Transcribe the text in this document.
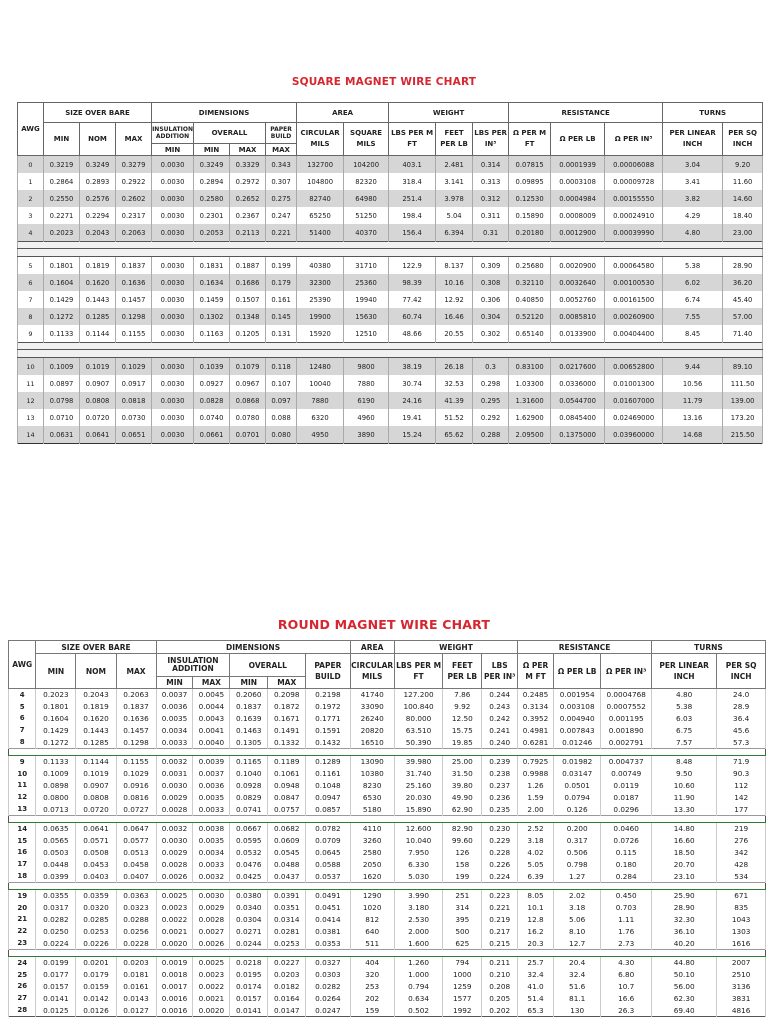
SQUARE MAGNET WIRE CHART
AWG	SIZE OVER BARE			DIMENSIONS				AREA		WEIGHT			RESISTANCE			TURNS	
	MIN	NOM	MAX	INSULATION ADDITION	OVERALL		PAPER BUILD	CIRCULAR MILS	SQUARE MILS	LBS PER M FT	FEET PER LB	LBS PER IN³	Ω PER M FT	Ω PER LB	Ω PER IN³	PER LINEAR INCH	PER SQ INCH
				MIN	MIN	MAX	MAX										
0	0.3219	0.3249	0.3279	0.0030	0.3249	0.3329	0.343	132700	104200	403.1	2.481	0.314	0.07815	0.0001939	0.00006088	3.04	9.20
1	0.2864	0.2893	0.2922	0.0030	0.2894	0.2972	0.307	104800	82320	318.4	3.141	0.313	0.09895	0.0003108	0.00009728	3.41	11.60
2	0.2550	0.2576	0.2602	0.0030	0.2580	0.2652	0.275	82740	64980	251.4	3.978	0.312	0.12530	0.0004984	0.00155550	3.82	14.60
3	0.2271	0.2294	0.2317	0.0030	0.2301	0.2367	0.247	65250	51250	198.4	5.04	0.311	0.15890	0.0008009	0.00024910	4.29	18.40
4	0.2023	0.2043	0.2063	0.0030	0.2053	0.2113	0.221	51400	40370	156.4	6.394	0.31	0.20180	0.0012900	0.00039990	4.80	23.00

5	0.1801	0.1819	0.1837	0.0030	0.1831	0.1887	0.199	40380	31710	122.9	8.137	0.309	0.25680	0.0020900	0.00064580	5.38	28.90
6	0.1604	0.1620	0.1636	0.0030	0.1634	0.1686	0.179	32300	25360	98.39	10.16	0.308	0.32110	0.0032640	0.00100530	6.02	36.20
7	0.1429	0.1443	0.1457	0.0030	0.1459	0.1507	0.161	25390	19940	77.42	12.92	0.306	0.40850	0.0052760	0.00161500	6.74	45.40
8	0.1272	0.1285	0.1298	0.0030	0.1302	0.1348	0.145	19900	15630	60.74	16.46	0.304	0.52120	0.0085810	0.00260900	7.55	57.00
9	0.1133	0.1144	0.1155	0.0030	0.1163	0.1205	0.131	15920	12510	48.66	20.55	0.302	0.65140	0.0133900	0.00404400	8.45	71.40

10	0.1009	0.1019	0.1029	0.0030	0.1039	0.1079	0.118	12480	9800	38.19	26.18	0.3	0.83100	0.0217600	0.00652800	9.44	89.10
11	0.0897	0.0907	0.0917	0.0030	0.0927	0.0967	0.107	10040	7880	30.74	32.53	0.298	1.03300	0.0336000	0.01001300	10.56	111.50
12	0.0798	0.0808	0.0818	0.0030	0.0828	0.0868	0.097	7880	6190	24.16	41.39	0.295	1.31600	0.0544700	0.01607000	11.79	139.00
13	0.0710	0.0720	0.0730	0.0030	0.0740	0.0780	0.088	6320	4960	19.41	51.52	0.292	1.62900	0.0845400	0.02469000	13.16	173.20
14	0.0631	0.0641	0.0651	0.0030	0.0661	0.0701	0.080	4950	3890	15.24	65.62	0.288	2.09500	0.1375000	0.03960000	14.68	215.50
ROUND MAGNET WIRE CHART
AWG	SIZE OVER BARE			DIMENSIONS					AREA	WEIGHT			RESISTANCE			TURNS	
	MIN	NOM	MAX	INSULATION ADDITION		OVERALL		PAPER BUILD	CIRCULAR MILS	LBS PER M FT	FEET PER LB	LBS PER IN³	Ω PER M FT	Ω PER LB	Ω PER IN³	PER LINEAR INCH	PER SQ INCH
				MIN	MAX	MIN	MAX										
4	0.2023	0.2043	0.2063	0.0037	0.0045	0.2060	0.2098	0.2198	41740	127.200	7.86	0.244	0.2485	0.001954	0.0004768	4.80	24.0
5	0.1801	0.1819	0.1837	0.0036	0.0044	0.1837	0.1872	0.1972	33090	100.840	9.92	0.243	0.3134	0.003108	0.0007552	5.38	28.9
6	0.1604	0.1620	0.1636	0.0035	0.0043	0.1639	0.1671	0.1771	26240	80.000	12.50	0.242	0.3952	0.004940	0.001195	6.03	36.4
7	0.1429	0.1443	0.1457	0.0034	0.0041	0.1463	0.1491	0.1591	20820	63.510	15.75	0.241	0.4981	0.007843	0.001890	6.75	45.6
8	0.1272	0.1285	0.1298	0.0033	0.0040	0.1305	0.1332	0.1432	16510	50.390	19.85	0.240	0.6281	0.01246	0.002791	7.57	57.3

9	0.1133	0.1144	0.1155	0.0032	0.0039	0.1165	0.1189	0.1289	13090	39.980	25.00	0.239	0.7925	0.01982	0.004737	8.48	71.9
10	0.1009	0.1019	0.1029	0.0031	0.0037	0.1040	0.1061	0.1161	10380	31.740	31.50	0.238	0.9988	0.03147	0.00749	9.50	90.3
11	0.0898	0.0907	0.0916	0.0030	0.0036	0.0928	0.0948	0.1048	8230	25.160	39.80	0.237	1.26	0.0501	0.0119	10.60	112
12	0.0800	0.0808	0.0816	0.0029	0.0035	0.0829	0.0847	0.0947	6530	20.030	49.90	0.236	1.59	0.0794	0.0187	11.90	142
13	0.0713	0.0720	0.0727	0.0028	0.0033	0.0741	0.0757	0.0857	5180	15.890	62.90	0.235	2.00	0.126	0.0296	13.30	177

14	0.0635	0.0641	0.0647	0.0032	0.0038	0.0667	0.0682	0.0782	4110	12.600	82.90	0.230	2.52	0.200	0.0460	14.80	219
15	0.0565	0.0571	0.0577	0.0030	0.0035	0.0595	0.0609	0.0709	3260	10.040	99.60	0.229	3.18	0.317	0.0726	16.60	276
16	0.0503	0.0508	0.0513	0.0029	0.0034	0.0532	0.0545	0.0645	2580	7.950	126	0.228	4.02	0.506	0.115	18.50	342
17	0.0448	0.0453	0.0458	0.0028	0.0033	0.0476	0.0488	0.0588	2050	6.330	158	0.226	5.05	0.798	0.180	20.70	428
18	0.0399	0.0403	0.0407	0.0026	0.0032	0.0425	0.0437	0.0537	1620	5.030	199	0.224	6.39	1.27	0.284	23.10	534

19	0.0355	0.0359	0.0363	0.0025	0.0030	0.0380	0.0391	0.0491	1290	3.990	251	0.223	8.05	2.02	0.450	25.90	671
20	0.0317	0.0320	0.0323	0.0023	0.0029	0.0340	0.0351	0.0451	1020	3.180	314	0.221	10.1	3.18	0.703	28.90	835
21	0.0282	0.0285	0.0288	0.0022	0.0028	0.0304	0.0314	0.0414	812	2.530	395	0.219	12.8	5.06	1.11	32.30	1043
22	0.0250	0.0253	0.0256	0.0021	0.0027	0.0271	0.0281	0.0381	640	2.000	500	0.217	16.2	8.10	1.76	36.10	1303
23	0.0224	0.0226	0.0228	0.0020	0.0026	0.0244	0.0253	0.0353	511	1.600	625	0.215	20.3	12.7	2.73	40.20	1616

24	0.0199	0.0201	0.0203	0.0019	0.0025	0.0218	0.0227	0.0327	404	1.260	794	0.211	25.7	20.4	4.30	44.80	2007
25	0.0177	0.0179	0.0181	0.0018	0.0023	0.0195	0.0203	0.0303	320	1.000	1000	0.210	32.4	32.4	6.80	50.10	2510
26	0.0157	0.0159	0.0161	0.0017	0.0022	0.0174	0.0182	0.0282	253	0.794	1259	0.208	41.0	51.6	10.7	56.00	3136
27	0.0141	0.0142	0.0143	0.0016	0.0021	0.0157	0.0164	0.0264	202	0.634	1577	0.205	51.4	81.1	16.6	62.30	3831
28	0.0125	0.0126	0.0127	0.0016	0.0020	0.0141	0.0147	0.0247	159	0.502	1992	0.202	65.3	130	26.3	69.40	4816
